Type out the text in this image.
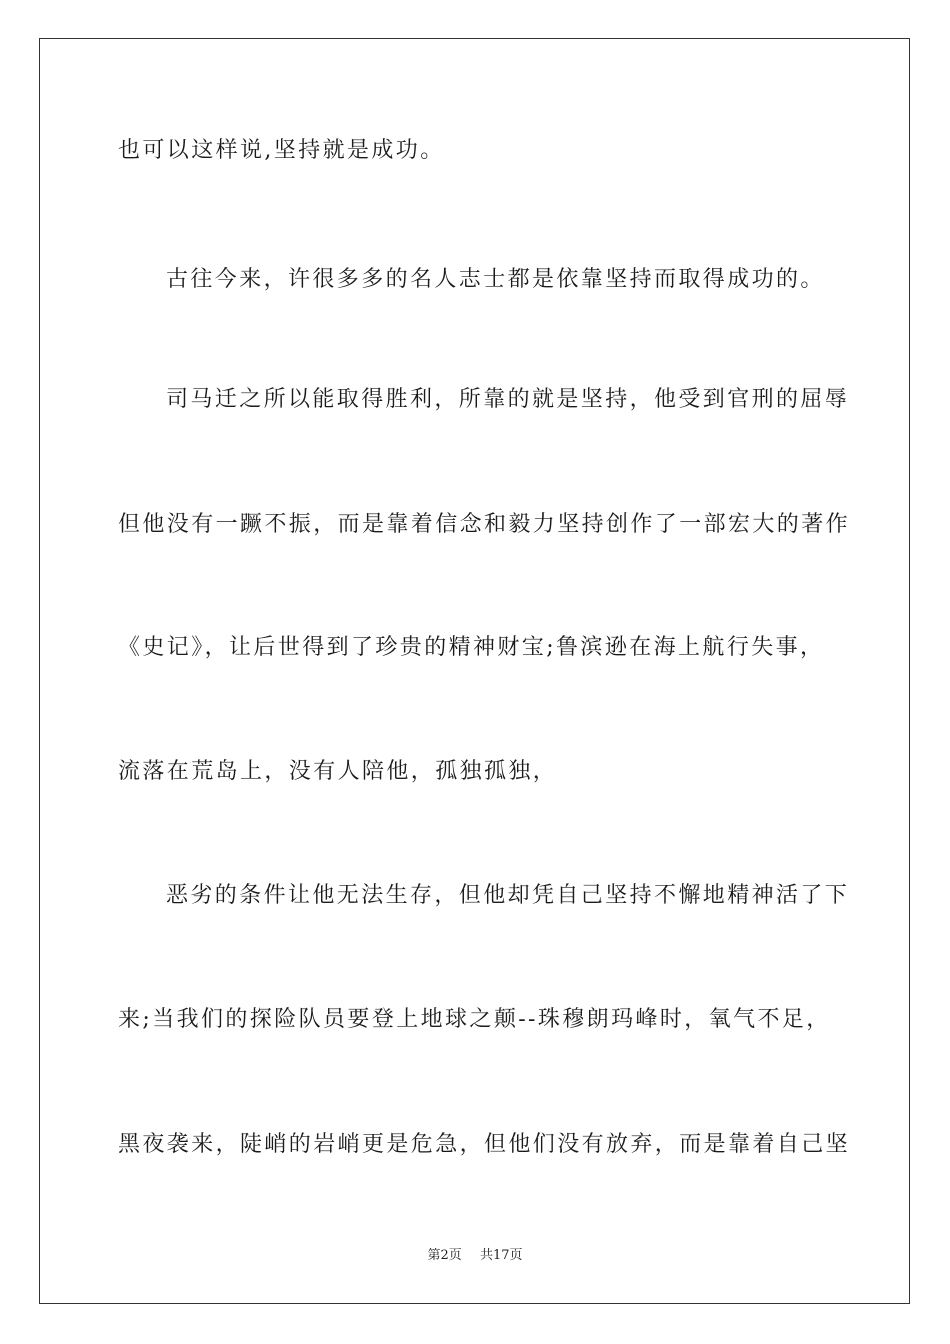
也可以这样说,坚持就是成功。
古往今来，许很多多的名人志士都是依靠坚持而取得成功的。
司马迁之所以能取得胜利，所靠的就是坚持，他受到官刑的屈辱
但他没有一蹶不振，而是靠着信念和毅力坚持创作了一部宏大的著作
《史记》，让后世得到了珍贵的精神财宝;鲁滨逊在海上航行失事，
流落在荒岛上，没有人陪他，孤独孤独，
恶劣的条件让他无法生存，但他却凭自己坚持不懈地精神活了下
来;当我们的探险队员要登上地球之颠--珠穆朗玛峰时，氧气不足，
黑夜袭来，陡峭的岩峭更是危急，但他们没有放弃，而是靠着自己坚
第2页 共17页
